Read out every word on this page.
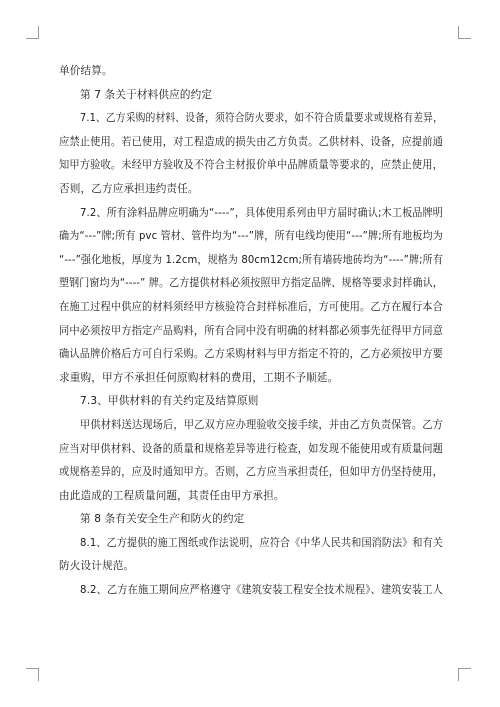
单价结算。

第 7 条关于材料供应的约定

7.1、乙方采购的材料、设备，须符合防火要求，如不符合质量要求或规格有差异，

应禁止使用。若已使用，对工程造成的损失由乙方负责。乙供材料、设备，应提前通

知甲方验收。未经甲方验收及不符合主材报价单中品牌质量等要求的，应禁止使用，

否则，乙方应承担违约责任。

7.2、所有涂料品牌应明确为“----”，具体使用系列由甲方届时确认;木工板品牌明

确为“---”牌;所有 pvc 管材、管件均为“---”牌，所有电线均使用“---”牌;所有地板均为

“---”强化地板，厚度为 1.2cm，规格为 80cm12cm;所有墙砖地砖均为“----”牌;所有

塑钢门窗均为“----” 牌。乙方提供材料必须按照甲方指定品牌、规格等要求封样确认，

在施工过程中供应的材料须经甲方核验符合封样标准后，方可使用。乙方在履行本合

同中必须按甲方指定产品购料，所有合同中没有明确的材料都必须事先征得甲方同意

确认品牌价格后方可自行采购。乙方采购材料与甲方指定不符的，乙方必须按甲方要

求重购，甲方不承担任何原购材料的费用，工期不予顺延。

7.3、甲供材料的有关约定及结算原则

甲供材料送达现场后，甲乙双方应办理验收交接手续，并由乙方负责保管。乙方

应当对甲供材料、设备的质量和规格差异等进行检查，如发现不能使用或有质量问题

或规格差异的，应及时通知甲方。否则，乙方应当承担责任，但如甲方仍坚持使用，

由此造成的工程质量问题，其责任由甲方承担。

第 8 条有关安全生产和防火的约定

8.1、乙方提供的施工图纸或作法说明，应符合《中华人民共和国消防法》和有关

防火设计规范。

8.2、乙方在施工期间应严格遵守《建筑安装工程安全技术规程》、建筑安装工人
